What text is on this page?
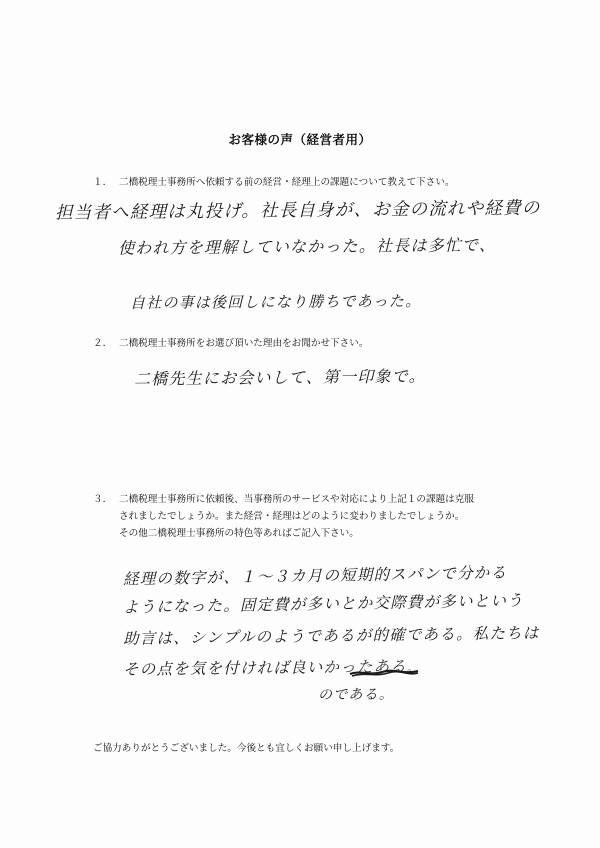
お客様の声（経営者用）
１． 二橋税理士事務所へ依頼する前の経営・経理上の課題について教えて下さい。
担当者へ経理は丸投げ。社長自身が、お金の流れや経費の
使われ方を理解していなかった。社長は多忙で、
自社の事は後回しになり勝ちであった。
２． 二橋税理士事務所をお選び頂いた理由をお聞かせ下さい。
二橋先生にお会いして、第一印象で。
３． 二橋税理士事務所に依頼後、当事務所のサービスや対応により上記１の課題は克服
されましたでしょうか。また経営・経理はどのように変わりましたでしょうか。
その他二橋税理士事務所の特色等あればご記入下さい。
経理の数字が、１～３カ月の短期的スパンで分かる
ようになった。固定費が多いとか交際費が多いという
助言は、シンプルのようであるが的確である。私たちは
その点を気を付ければ良いかったある。
のである。
ご協力ありがとうございました。今後とも宜しくお願い申し上げます。
